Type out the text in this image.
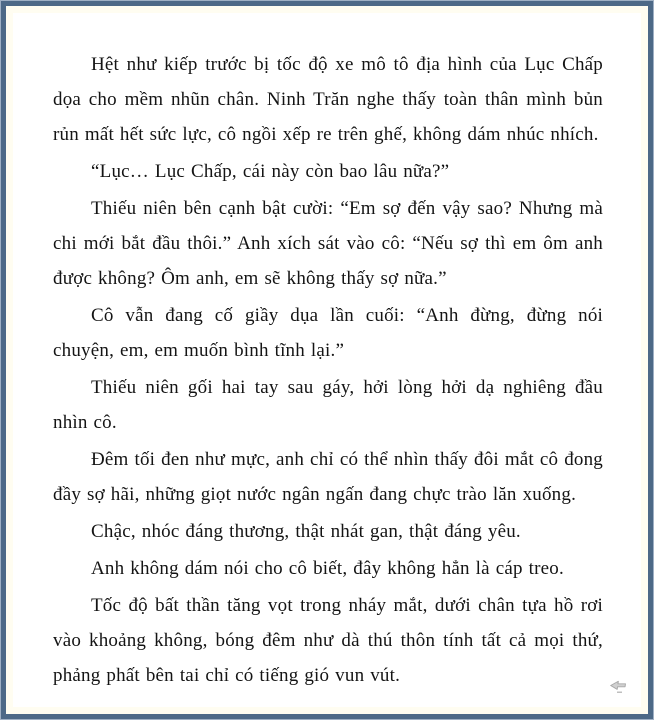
Hệt như kiếp trước bị tốc độ xe mô tô địa hình của Lục Chấp dọa cho mềm nhũn chân. Ninh Trăn nghe thấy toàn thân mình bủn rủn mất hết sức lực, cô ngồi xếp re trên ghế, không dám nhúc nhích.

“Lục… Lục Chấp, cái này còn bao lâu nữa?”

Thiếu niên bên cạnh bật cười: “Em sợ đến vậy sao? Nhưng mà chi mới bắt đầu thôi.” Anh xích sát vào cô: “Nếu sợ thì em ôm anh được không? Ôm anh, em sẽ không thấy sợ nữa.”

Cô vẫn đang cố giầy dụa lần cuối: “Anh đừng, đừng nói chuyện, em, em muốn bình tĩnh lại.”

Thiếu niên gối hai tay sau gáy, hởi lòng hởi dạ nghiêng đầu nhìn cô.

Đêm tối đen như mực, anh chỉ có thể nhìn thấy đôi mắt cô đong đầy sợ hãi, những giọt nước ngân ngấn đang chực trào lăn xuống.

Chậc, nhóc đáng thương, thật nhát gan, thật đáng yêu.

Anh không dám nói cho cô biết, đây không hẳn là cáp treo.

Tốc độ bất thần tăng vọt trong nháy mắt, dưới chân tựa hồ rơi vào khoảng không, bóng đêm như dà thú thôn tính tất cả mọi thứ, phảng phất bên tai chỉ có tiếng gió vun vút.
